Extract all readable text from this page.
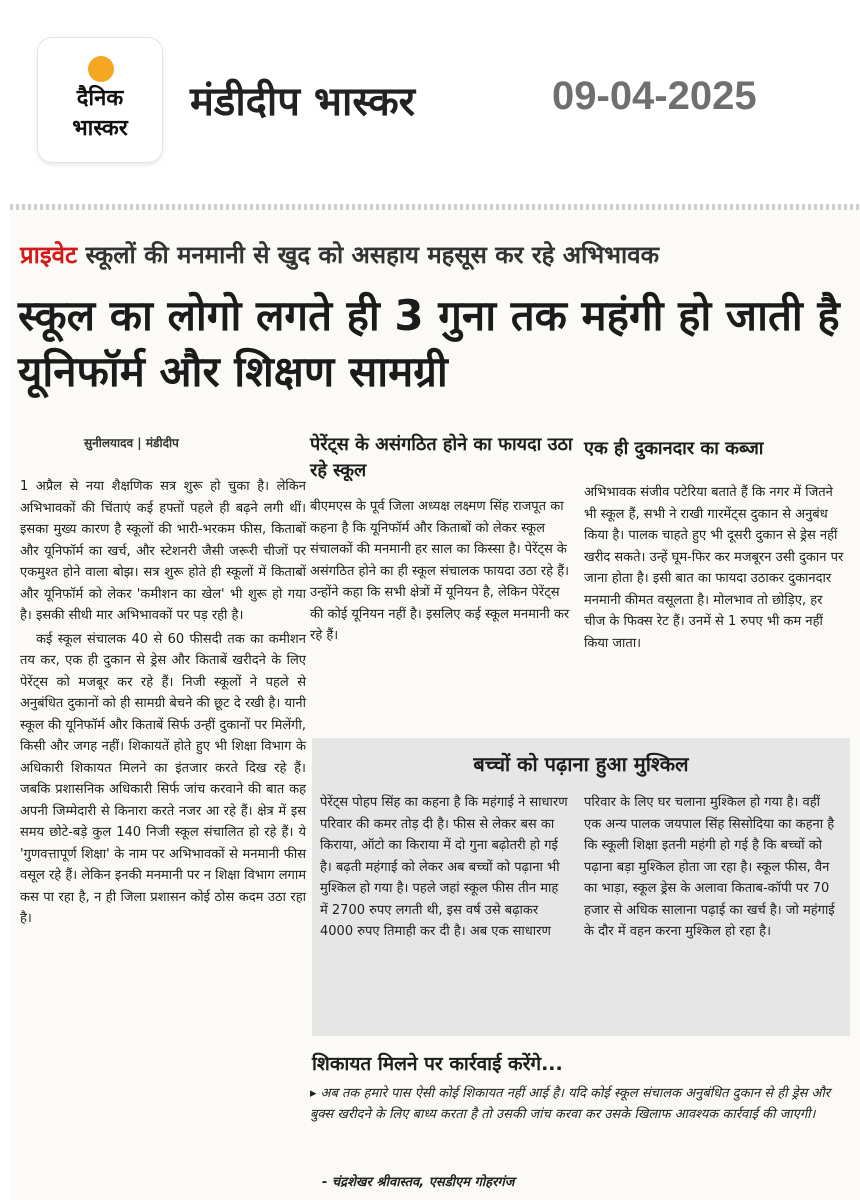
दैनिक
भास्कर
मंडीदीप भास्कर	09-04-2025
प्राइवेट स्कूलों की मनमानी से खुद को असहाय महसूस कर रहे अभिभावक
स्कूल का लोगो लगते ही 3 गुना तक महंगी हो जाती है यूनिफॉर्म और शिक्षण सामग्री
सुनीलयादव | मंडीदीप

1 अप्रैल से नया शैक्षणिक सत्र शुरू हो चुका है। लेकिन अभिभावकों की चिंताएं कई हफ्तों पहले ही बढ़ने लगी थीं। इसका मुख्य कारण है स्कूलों की भारी-भरकम फीस, किताबों और यूनिफॉर्म का खर्च, और स्टेशनरी जैसी जरूरी चीजों पर एकमुश्त होने वाला बोझ। सत्र शुरू होते ही स्कूलों में किताबों और यूनिफॉर्म को लेकर 'कमीशन का खेल' भी शुरू हो गया है। इसकी सीधी मार अभिभावकों पर पड़ रही है।

कई स्कूल संचालक 40 से 60 फीसदी तक का कमीशन तय कर, एक ही दुकान से ड्रेस और किताबें खरीदने के लिए पेरेंट्स को मजबूर कर रहे हैं। निजी स्कूलों ने पहले से अनुबंधित दुकानों को ही सामग्री बेचने की छूट दे रखी है। यानी स्कूल की यूनिफॉर्म और किताबें सिर्फ उन्हीं दुकानों पर मिलेंगी, किसी और जगह नहीं। शिकायतें होते हुए भी शिक्षा विभाग के अधिकारी शिकायत मिलने का इंतजार करते दिख रहे हैं। जबकि प्रशासनिक अधिकारी सिर्फ जांच करवाने की बात कह अपनी जिम्मेदारी से किनारा करते नजर आ रहे हैं। क्षेत्र में इस समय छोटे-बड़े कुल 140 निजी स्कूल संचालित हो रहे हैं। ये 'गुणवत्तापूर्ण शिक्षा' के नाम पर अभिभावकों से मनमानी फीस वसूल रहे हैं। लेकिन इनकी मनमानी पर न शिक्षा विभाग लगाम कस पा रहा है, न ही जिला प्रशासन कोई ठोस कदम उठा रहा है।

पेरेंट्स के असंगठित होने का फायदा उठा रहे स्कूल
बीएमएस के पूर्व जिला अध्यक्ष लक्ष्मण सिंह राजपूत का कहना है कि यूनिफॉर्म और किताबों को लेकर स्कूल संचालकों की मनमानी हर साल का किस्सा है। पेरेंट्स के असंगठित होने का ही स्कूल संचालक फायदा उठा रहे हैं। उन्होंने कहा कि सभी क्षेत्रों में यूनियन है, लेकिन पेरेंट्स की कोई यूनियन नहीं है। इसलिए कई स्कूल मनमानी कर रहे हैं।
एक ही दुकानदार का कब्जा
अभिभावक संजीव पटेरिया बताते हैं कि नगर में जितने भी स्कूल हैं, सभी ने राखी गारमेंट्स दुकान से अनुबंध किया है। पालक चाहते हुए भी दूसरी दुकान से ड्रेस नहीं खरीद सकते। उन्हें घूम-फिर कर मजबूरन उसी दुकान पर जाना होता है। इसी बात का फायदा उठाकर दुकानदार मनमानी कीमत वसूलता है। मोलभाव तो छोड़िए, हर चीज के फिक्स रेट हैं। उनमें से 1 रुपए भी कम नहीं किया जाता।
बच्चों को पढ़ाना हुआ मुश्किल
पेरेंट्स पोहप सिंह का कहना है कि महंगाई ने साधारण परिवार की कमर तोड़ दी है। फीस से लेकर बस का किराया, ऑटो का किराया में दो गुना बढ़ोतरी हो गई है। बढ़ती महंगाई को लेकर अब बच्चों को पढ़ाना भी मुश्किल हो गया है। पहले जहां स्कूल फीस तीन माह में 2700 रुपए लगती थी, इस वर्ष उसे बढ़ाकर 4000 रुपए तिमाही कर दी है। अब एक साधारण
परिवार के लिए घर चलाना मुश्किल हो गया है। वहीं एक अन्य पालक जयपाल सिंह सिसोदिया का कहना है कि स्कूली शिक्षा इतनी महंगी हो गई है कि बच्चों को पढ़ाना बड़ा मुश्किल होता जा रहा है। स्कूल फीस, वैन का भाड़ा, स्कूल ड्रेस के अलावा किताब-कॉपी पर 70 हजार से अधिक सालाना पढ़ाई का खर्च है। जो महंगाई के दौर में वहन करना मुश्किल हो रहा है।
शिकायत मिलने पर कार्रवाई करेंगे...
▸ अब तक हमारे पास ऐसी कोई शिकायत नहीं आई है। यदि कोई स्कूल संचालक अनुबंधित दुकान से ही ड्रेस और बुक्स खरीदने के लिए बाध्य करता है तो उसकी जांच करवा कर उसके खिलाफ आवश्यक कार्रवाई की जाएगी।
- चंद्रशेखर श्रीवास्तव, एसडीएम गोहरगंज
